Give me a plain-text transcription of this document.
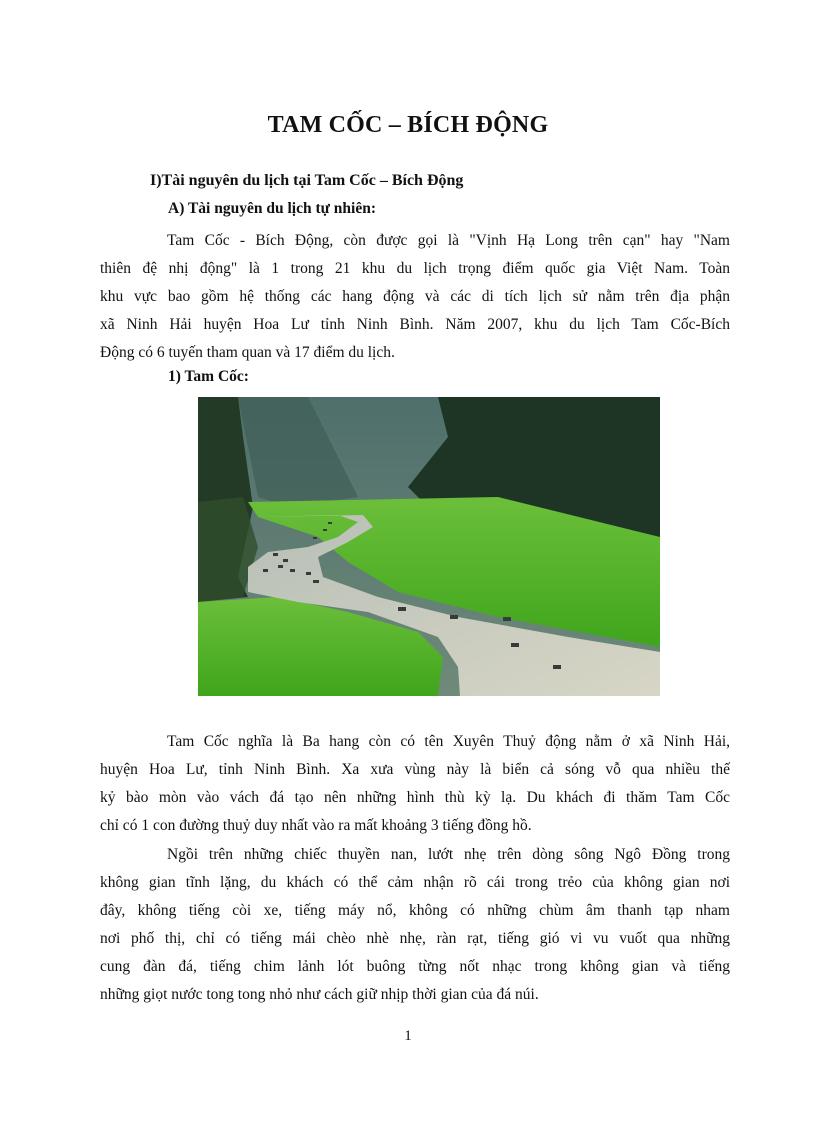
TAM CỐC – BÍCH ĐỘNG
I)Tài nguyên du lịch tại Tam Cốc – Bích Động
A) Tài nguyên du lịch tự nhiên:
Tam Cốc - Bích Động, còn được gọi là "Vịnh Hạ Long trên cạn" hay "Nam
thiên đệ nhị động" là 1 trong 21 khu du lịch trọng điểm quốc gia Việt Nam. Toàn
khu vực bao gồm hệ thống các hang động và các di tích lịch sử nằm trên địa phận
xã Ninh Hải huyện Hoa Lư tỉnh Ninh Bình. Năm 2007, khu du lịch Tam Cốc-Bích
Động có 6 tuyến tham quan và 17 điểm du lịch.
1) Tam Cốc:
Tam Cốc nghĩa là Ba hang còn có tên Xuyên Thuỷ động nằm ở xã Ninh Hải,
huyện Hoa Lư, tỉnh Ninh Bình. Xa xưa vùng này là biển cả sóng vỗ qua nhiều thế
kỷ bào mòn vào vách đá tạo nên những hình thù kỳ lạ. Du khách đi thăm Tam Cốc
chỉ có 1 con đường thuỷ duy nhất vào ra mất khoảng 3 tiếng đồng hồ.
Ngồi trên những chiếc thuyền nan, lướt nhẹ trên dòng sông Ngô Đồng trong
không gian tĩnh lặng, du khách có thể cảm nhận rõ cái trong trẻo của không gian nơi
đây, không tiếng còi xe, tiếng máy nổ, không có những chùm âm thanh tạp nham
nơi phố thị, chỉ có tiếng mái chèo nhè nhẹ, ràn rạt, tiếng gió vi vu vuốt qua những
cung đàn đá, tiếng chim lảnh lót buông từng nốt nhạc trong không gian và tiếng
những giọt nước tong tong nhỏ như cách giữ nhịp thời gian của đá núi.
1
